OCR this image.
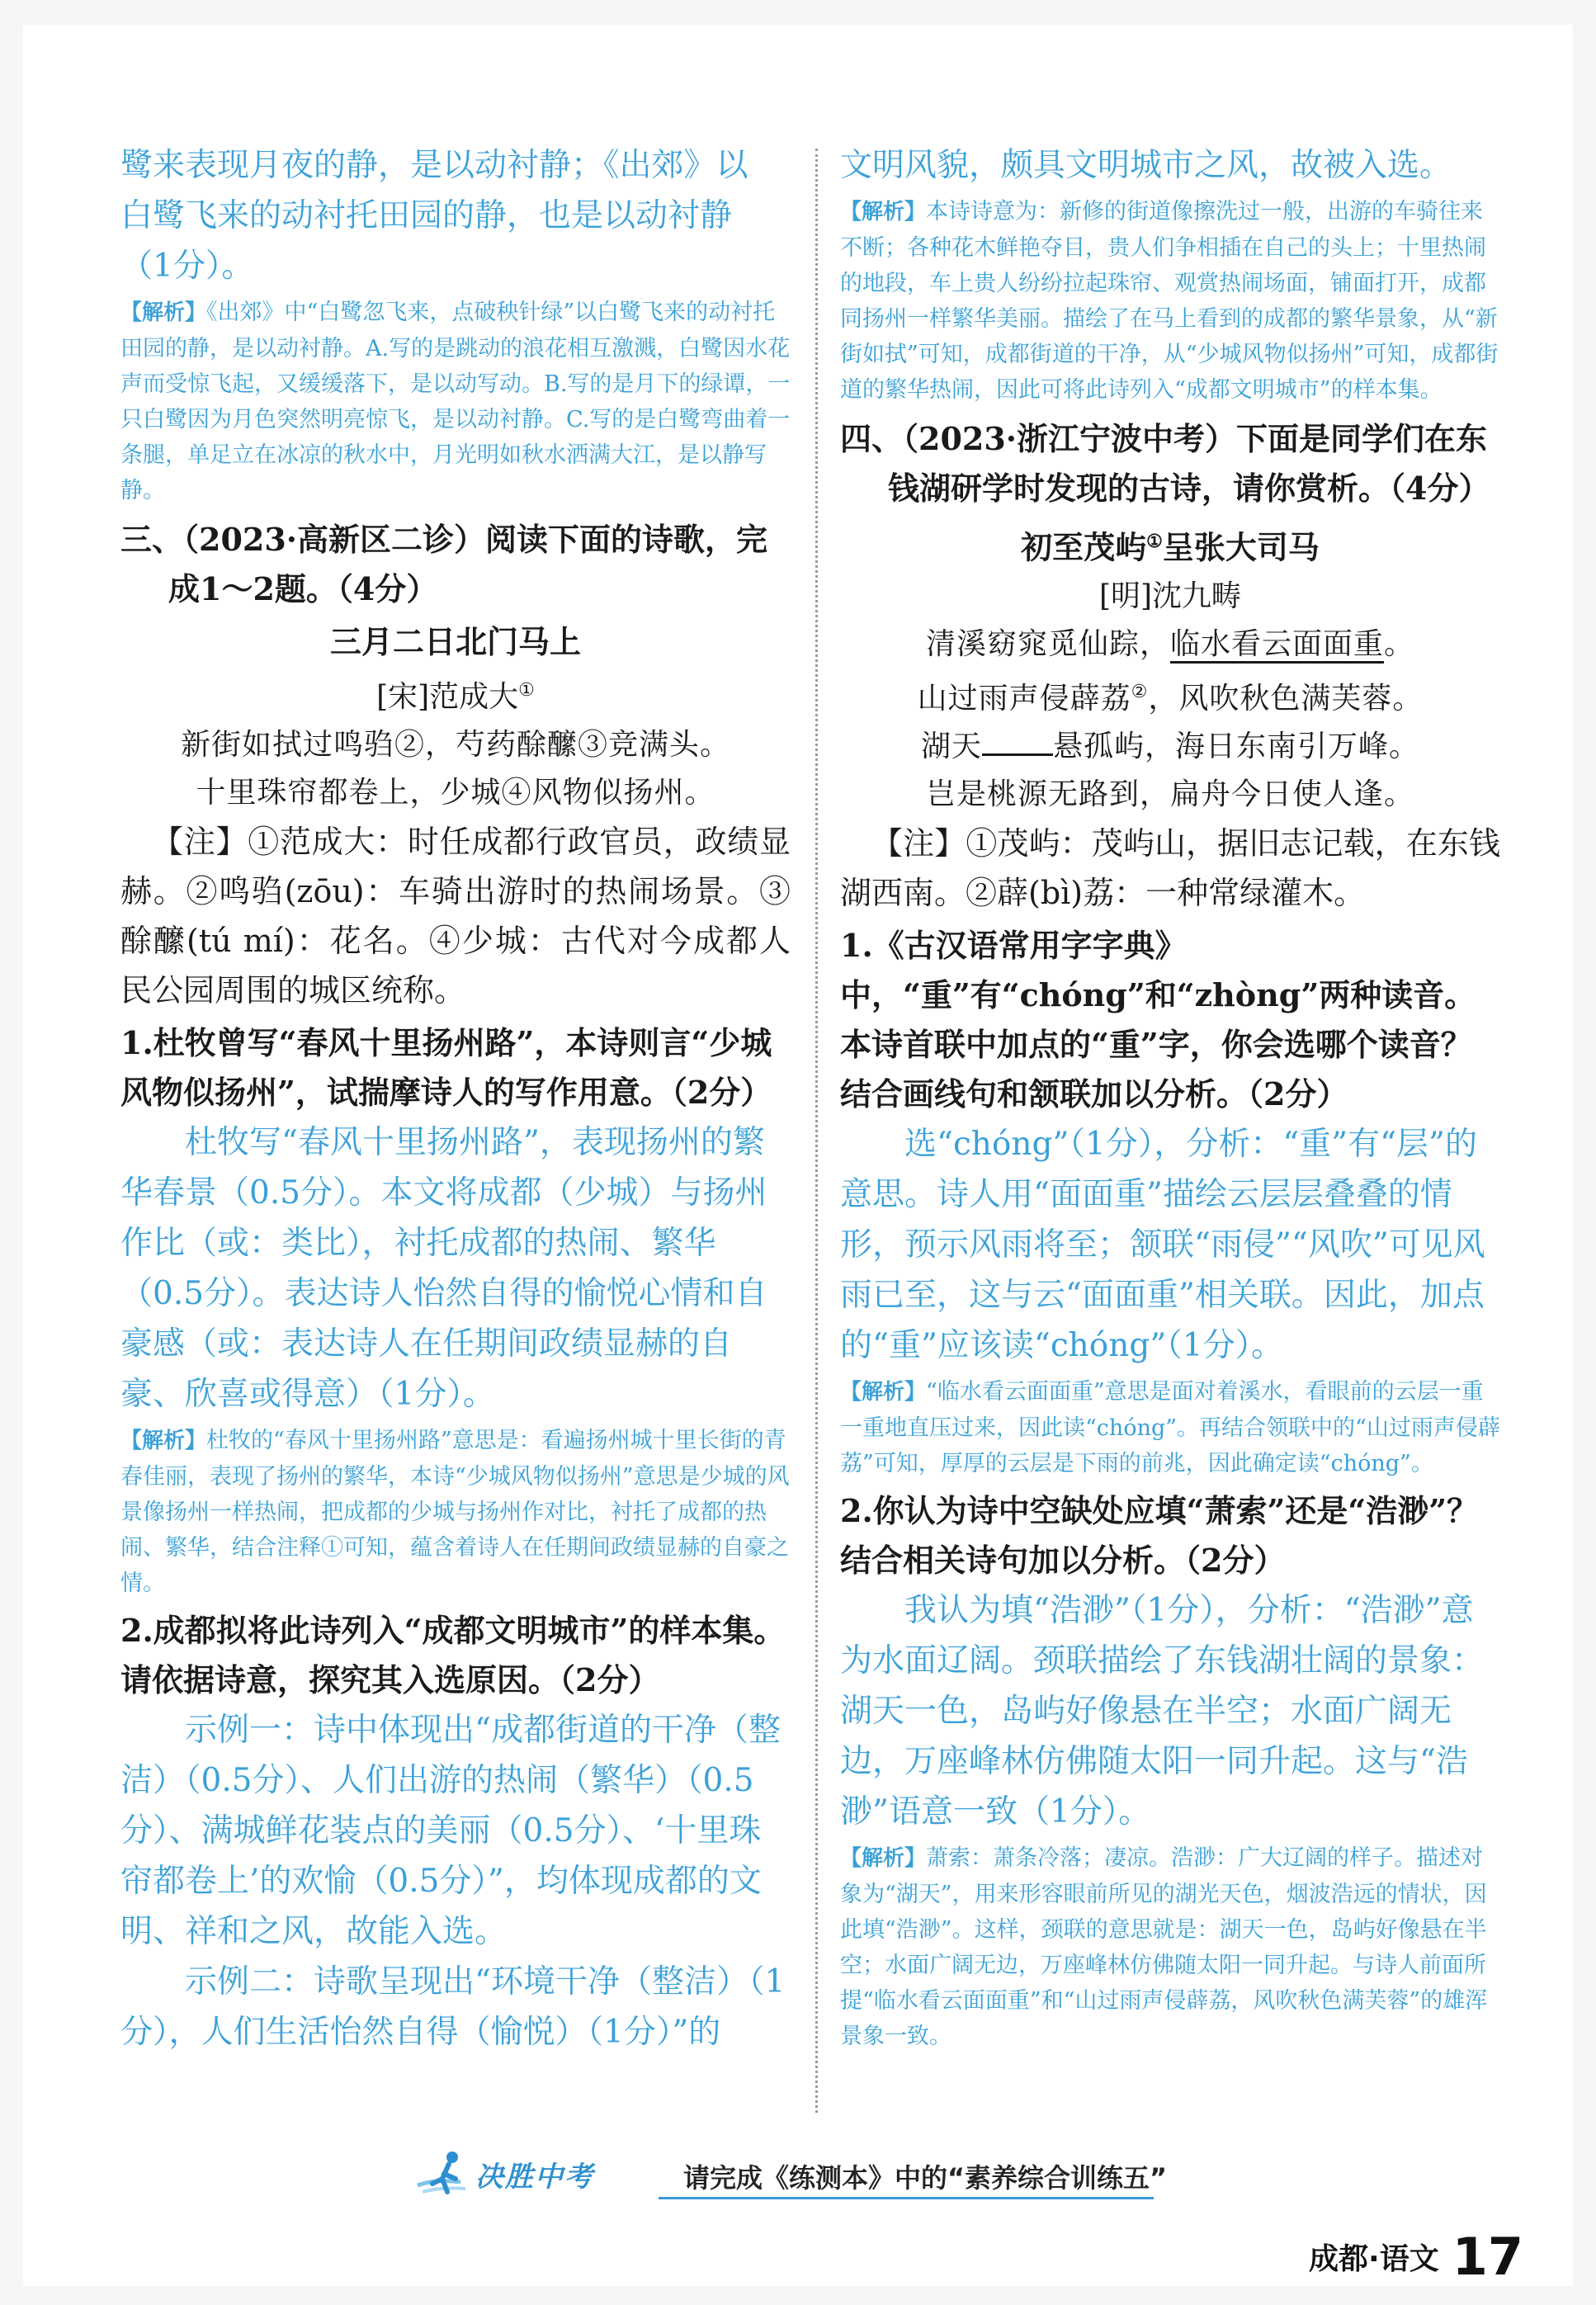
鹭来表现月夜的静，是以动衬静；《出郊》以

白鹭飞来的动衬托田园的静，也是以动衬静

（1分）。

【解析】《出郊》中“白鹭忽飞来，点破秧针绿”以白鹭飞来的动衬托田园的静，是以动衬静。A.写的是跳动的浪花相互激溅，白鹭因水花声而受惊飞起，又缓缓落下，是以动写动。B.写的是月下的绿谭，一只白鹭因为月色突然明亮惊飞，是以动衬静。C.写的是白鹭弯曲着一条腿，单足立在冰凉的秋水中，月光明如秋水洒满大江，是以静写静。

三、（2023·高新区二诊）阅读下面的诗歌，完
成1～2题。（4分）

三月二日北门马上

[宋]范成大①

新街如拭过鸣驺②，芍药酴醿③竞满头。

十里珠帘都卷上，少城④风物似扬州。

【注】①范成大：时任成都行政官员，政绩显赫。②鸣驺(zōu)：车骑出游时的热闹场景。③酴醿(tú mí)：花名。④少城：古代对今成都人民公园周围的城区统称。

1.杜牧曾写“春风十里扬州路”，本诗则言“少城风物似扬州”，试揣摩诗人的写作用意。（2分）

杜牧写“春风十里扬州路”，表现扬州的繁华春景（0.5分）。本文将成都（少城）与扬州作比（或：类比），衬托成都的热闹、繁华（0.5分）。表达诗人怡然自得的愉悦心情和自豪感（或：表达诗人在任期间政绩显赫的自豪、欣喜或得意）（1分）。

【解析】杜牧的“春风十里扬州路”意思是：看遍扬州城十里长街的青春佳丽，表现了扬州的繁华，本诗“少城风物似扬州”意思是少城的风景像扬州一样热闹，把成都的少城与扬州作对比，衬托了成都的热闹、繁华，结合注释①可知，蕴含着诗人在任期间政绩显赫的自豪之情。

2.成都拟将此诗列入“成都文明城市”的样本集。请依据诗意，探究其入选原因。（2分）

示例一：诗中体现出“成都街道的干净（整洁）（0.5分）、人们出游的热闹（繁华）（0.5分）、满城鲜花装点的美丽（0.5分）、‘十里珠帘都卷上’的欢愉（0.5分）”，均体现成都的文明、祥和之风，故能入选。

示例二：诗歌呈现出“环境干净（整洁）（1分），人们生活怡然自得（愉悦）（1分）”的

文明风貌，颇具文明城市之风，故被入选。

【解析】本诗诗意为：新修的街道像擦洗过一般，出游的车骑往来不断；各种花木鲜艳夺目，贵人们争相插在自己的头上；十里热闹的地段，车上贵人纷纷拉起珠帘、观赏热闹场面，铺面打开，成都同扬州一样繁华美丽。描绘了在马上看到的成都的繁华景象，从“新街如拭”可知，成都街道的干净，从“少城风物似扬州”可知，成都街道的繁华热闹，因此可将此诗列入“成都文明城市”的样本集。

四、（2023·浙江宁波中考）下面是同学们在东
钱湖研学时发现的古诗，请你赏析。（4分）

初至茂屿①呈张大司马

[明]沈九畴

清溪窈窕觅仙踪，临水看云面面重。

山过雨声侵薜荔②，风吹秋色满芙蓉。

湖天 悬孤屿，海日东南引万峰。

岂是桃源无路到，扁舟今日使人逢。

【注】①茂屿：茂屿山，据旧志记载，在东钱湖西南。②薜(bì)荔：一种常绿灌木。

1.《古汉语常用字字典》中，“重”有“chóng”和“zhòng”两种读音。本诗首联中加点的“重”字，你会选哪个读音？结合画线句和颔联加以分析。（2分）

选“chóng”（1分），分析：“重”有“层”的意思。诗人用“面面重”描绘云层层叠叠的情形，预示风雨将至；颔联“雨侵”“风吹”可见风雨已至，这与云“面面重”相关联。因此，加点的“重”应该读“chóng”（1分）。

【解析】“临水看云面面重”意思是面对着溪水，看眼前的云层一重一重地直压过来，因此读“chóng”。再结合领联中的“山过雨声侵薜荔”可知，厚厚的云层是下雨的前兆，因此确定读“chóng”。

2.你认为诗中空缺处应填“萧索”还是“浩渺”？结合相关诗句加以分析。（2分）

我认为填“浩渺”（1分），分析：“浩渺”意为水面辽阔。颈联描绘了东钱湖壮阔的景象：湖天一色，岛屿好像悬在半空；水面广阔无边，万座峰林仿佛随太阳一同升起。这与“浩渺”语意一致（1分）。

【解析】萧索：萧条冷落；凄凉。浩渺：广大辽阔的样子。描述对象为“湖天”，用来形容眼前所见的湖光天色，烟波浩远的情状，因此填“浩渺”。这样，颈联的意思就是：湖天一色，岛屿好像悬在半空；水面广阔无边，万座峰林仿佛随太阳一同升起。与诗人前面所提“临水看云面面重”和“山过雨声侵薜荔，风吹秋色满芙蓉”的雄浑景象一致。

决胜中考	请完成《练测本》中的“素养综合训练五”
成都·语文 17
